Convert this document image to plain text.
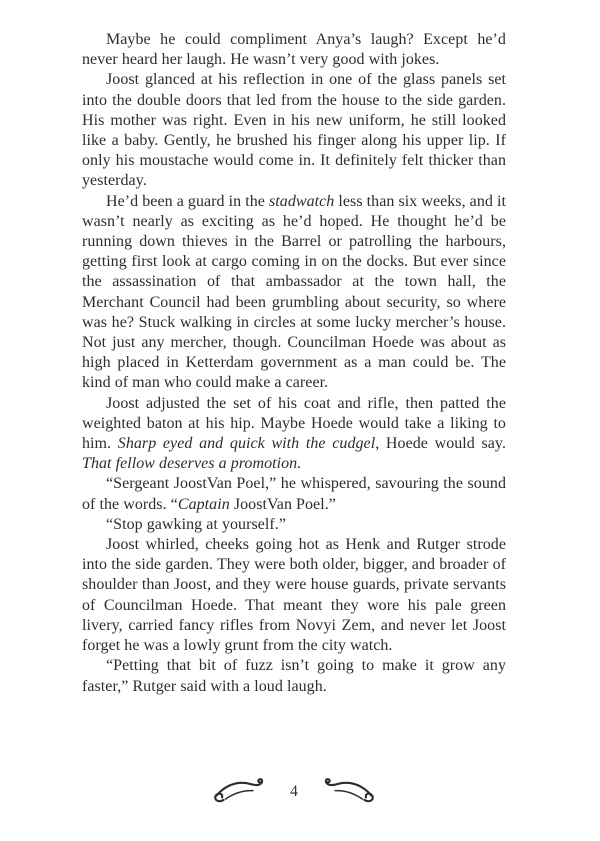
Maybe he could compliment Anya’s laugh? Except he’d never heard her laugh. He wasn’t very good with jokes.

Joost glanced at his reflection in one of the glass panels set into the double doors that led from the house to the side garden. His mother was right. Even in his new uniform, he still looked like a baby. Gently, he brushed his finger along his upper lip. If only his moustache would come in. It definitely felt thicker than yesterday.

He’d been a guard in the stadwatch less than six weeks, and it wasn’t nearly as exciting as he’d hoped. He thought he’d be running down thieves in the Barrel or patrolling the harbours, getting first look at cargo coming in on the docks. But ever since the assassination of that ambassador at the town hall, the Merchant Council had been grumbling about security, so where was he? Stuck walking in circles at some lucky mercher’s house. Not just any mercher, though. Councilman Hoede was about as high placed in Ketterdam government as a man could be. The kind of man who could make a career.

Joost adjusted the set of his coat and rifle, then patted the weighted baton at his hip. Maybe Hoede would take a liking to him. Sharp eyed and quick with the cudgel, Hoede would say. That fellow deserves a promotion.

“Sergeant JoostVan Poel,” he whispered, savouring the sound of the words. “Captain JoostVan Poel.”

“Stop gawking at yourself.”

Joost whirled, cheeks going hot as Henk and Rutger strode into the side garden. They were both older, bigger, and broader of shoulder than Joost, and they were house guards, private servants of Councilman Hoede. That meant they wore his pale green livery, carried fancy rifles from Novyi Zem, and never let Joost forget he was a lowly grunt from the city watch.

“Petting that bit of fuzz isn’t going to make it grow any faster,” Rutger said with a loud laugh.

4
